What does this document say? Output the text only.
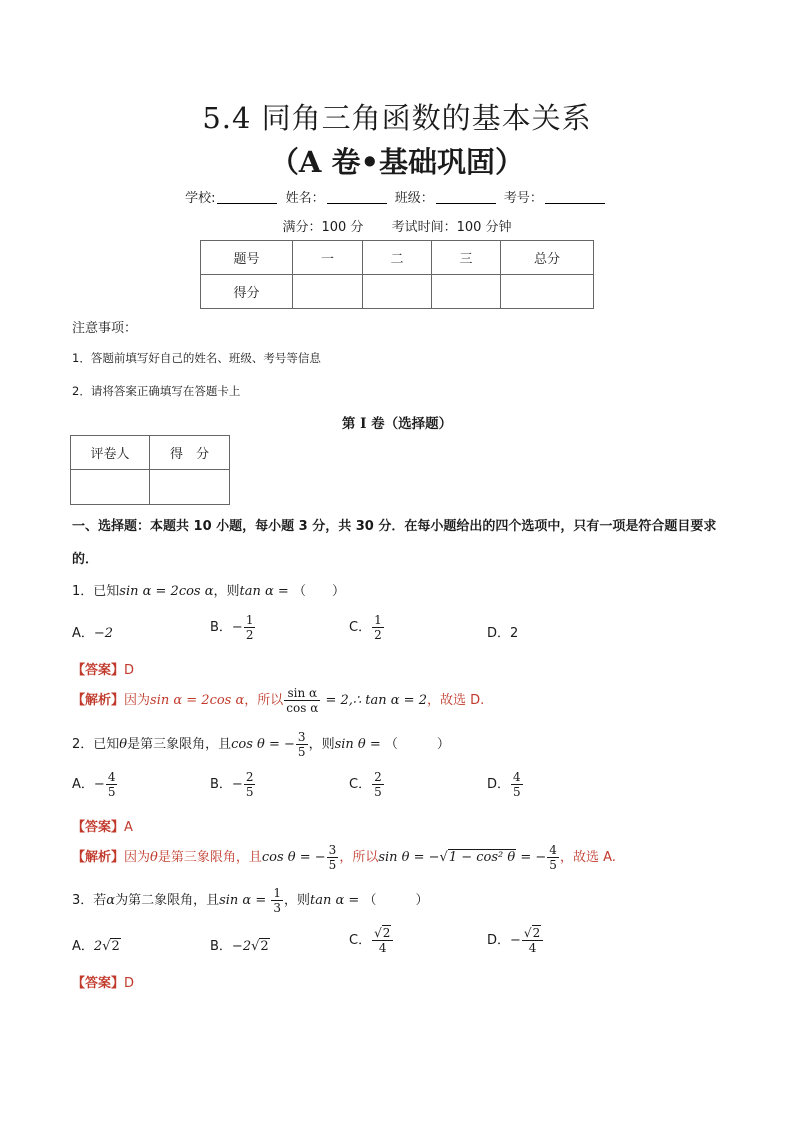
5.4 同角三角函数的基本关系
（A 卷•基础巩固）
学校:	姓名：	班级：	考号：
满分：100 分 考试时间：100 分钟
题号	一	二	三	总分
得分				
注意事项：
1．答题前填写好自己的姓名、班级、考号等信息
2．请将答案正确填写在答题卡上
第 I 卷（选择题）
评卷人	得　分

一、选择题：本题共 10 小题，每小题 3 分，共 30 分．在每小题给出的四个选项中，只有一项是符合题目要求的．
1．已知sin α = 2cos α，则tan α = （　　）
A．−2	B．− $\frac{1}{2}$	C． $\frac{1}{2}$	D．2
【答案】D
【解析】因为sin α = 2cos α，所以 $\frac{\text{sin α}}{\text{cos α}}$ = 2,∴ tan α = 2，故选 D.
2．已知θ是第三象限角，且cos θ = − $\frac{3}{5}$ ，则sin θ = （　　　）
A．− $\frac{4}{5}$	B．− $\frac{2}{5}$	C． $\frac{2}{5}$	D． $\frac{4}{5}$
【答案】A
【解析】因为θ是第三象限角，且cos θ = − $\frac{3}{5}$ ，所以sin θ = −√1 − cos² θ = − $\frac{4}{5}$ ，故选 A.
3．若α为第二象限角，且$\sin \alpha = \frac{1}{3}$ ，则tan α = （　　　）
A．2√2	B．−2√2	C． $\frac{√2}{4}$	D．− $\frac{√2}{4}$
【答案】D
